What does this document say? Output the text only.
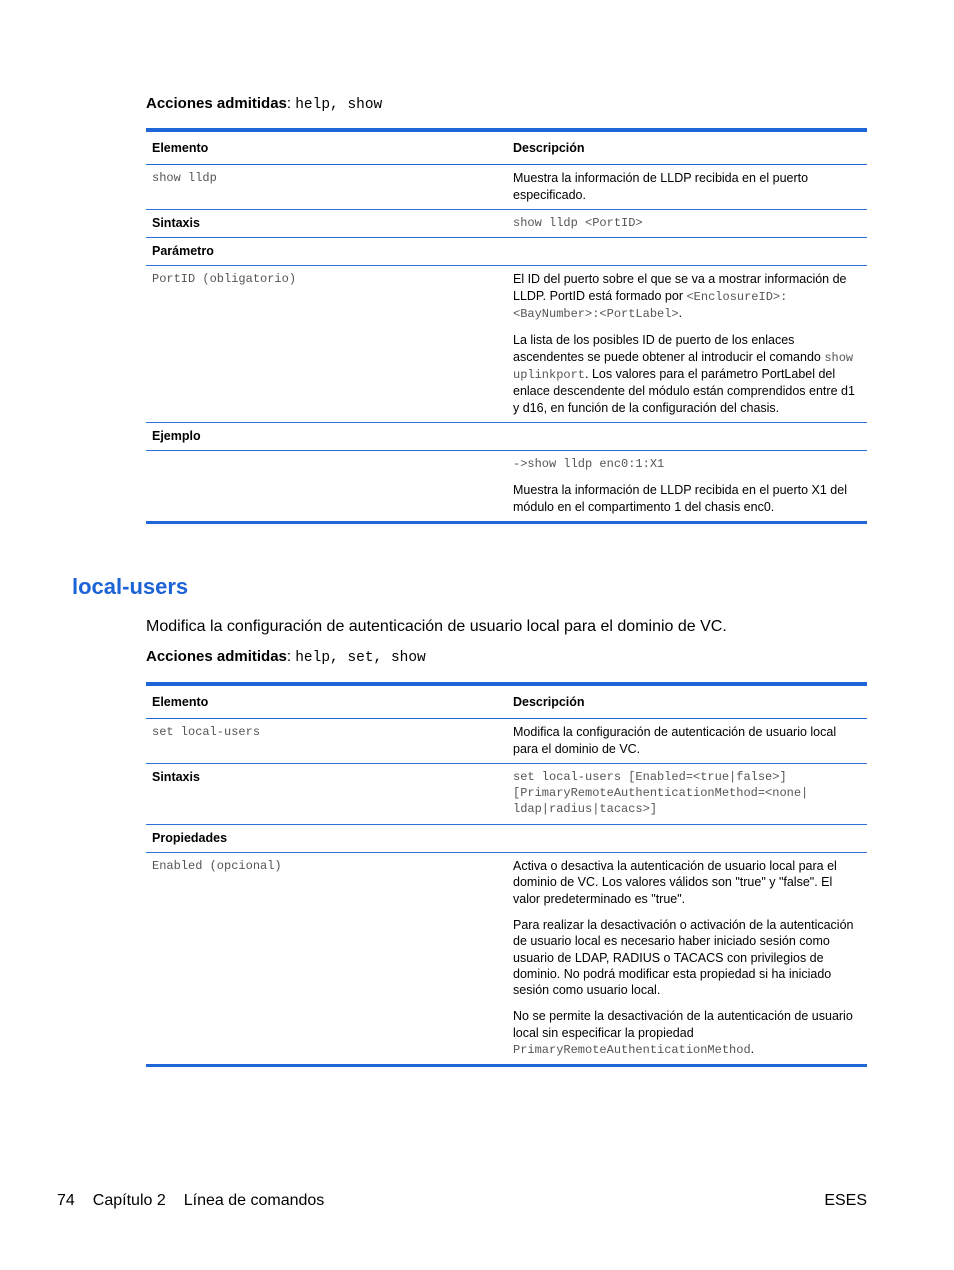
Acciones admitidas: help, show
Elemento	Descripción
show lldp	Muestra la información de LLDP recibida en el puerto especificado.
Sintaxis	show lldp <PortID>
Parámetro	
PortID (obligatorio)	El ID del puerto sobre el que se va a mostrar información de LLDP. PortID está formado por <EnclosureID>:<BayNumber>:<PortLabel>.

La lista de los posibles ID de puerto de los enlaces ascendentes se puede obtener al introducir el comando show uplinkport. Los valores para el parámetro PortLabel del enlace descendente del módulo están comprendidos entre d1 y d16, en función de la configuración del chasis.

Ejemplo	

	->show lldp enc0:1:X1

Muestra la información de LLDP recibida en el puerto X1 del módulo en el compartimento 1 del chasis enc0.

local-users

Modifica la configuración de autenticación de usuario local para el dominio de VC.

Acciones admitidas: help, set, show
Elemento	Descripción
set local-users	Modifica la configuración de autenticación de usuario local para el dominio de VC.
Sintaxis	set local-users [Enabled=<true|false>]
[PrimaryRemoteAuthenticationMethod=<none|
ldap|radius|tacacs>]

Propiedades	
Enabled (opcional)	Activa o desactiva la autenticación de usuario local para el dominio de VC. Los valores válidos son "true" y "false". El valor predeterminado es "true".

Para realizar la desactivación o activación de la autenticación de usuario local es necesario haber iniciado sesión como usuario de LDAP, RADIUS o TACACS con privilegios de dominio. No podrá modificar esta propiedad si ha iniciado sesión como usuario local.

No se permite la desactivación de la autenticación de usuario local sin especificar la propiedad PrimaryRemoteAuthenticationMethod.

74 Capítulo 2 Línea de comandos	ESES
